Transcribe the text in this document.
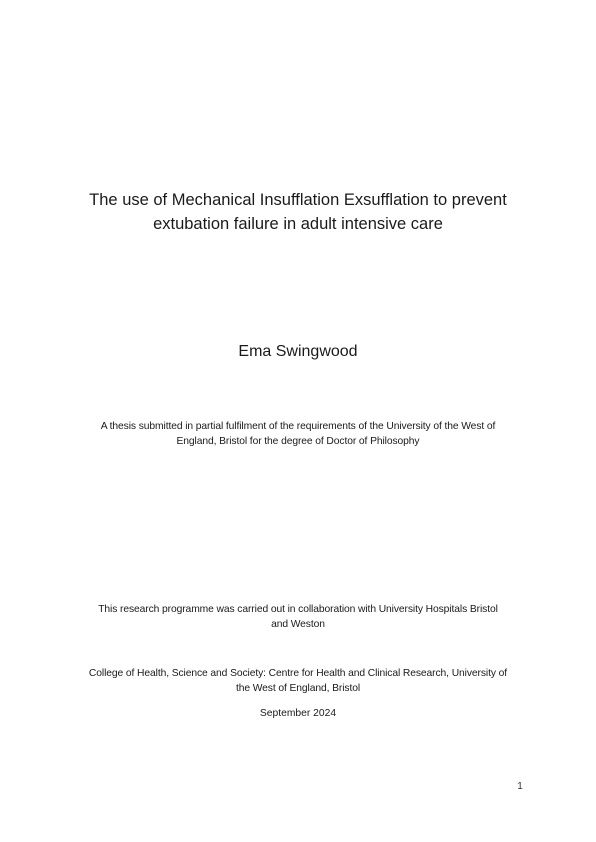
The use of Mechanical Insufflation Exsufflation to prevent
extubation failure in adult intensive care
Ema Swingwood
A thesis submitted in partial fulfilment of the requirements of the University of the West of
England, Bristol for the degree of Doctor of Philosophy
This research programme was carried out in collaboration with University Hospitals Bristol
and Weston
College of Health, Science and Society: Centre for Health and Clinical Research, University of
the West of England, Bristol
September 2024
1
